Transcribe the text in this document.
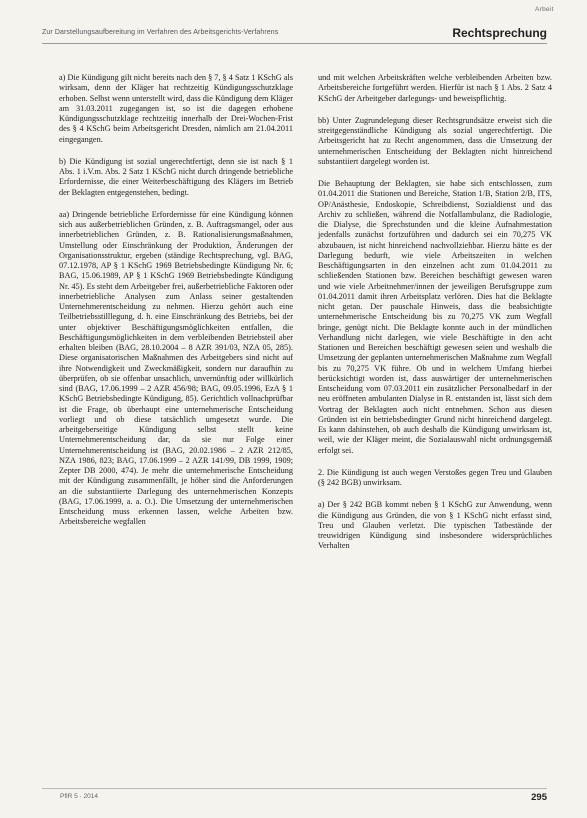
Arbeit
Zur Darstellungsaufbereitung im Verfahren des Arbeitsgerichts-Verfahrens	Rechtsprechung

a) Die Kündigung gilt nicht bereits nach den § 7, § 4 Satz 1 KSchG als wirksam, denn der Kläger hat rechtzeitig Kündigungsschutzklage erhoben. Selbst wenn unterstellt wird, dass die Kündigung dem Kläger am 31.03.2011 zugegangen ist, so ist die dagegen erhobene Kündigungsschutzklage rechtzeitig innerhalb der Drei-Wochen-Frist des § 4 KSchG beim Arbeitsgericht Dresden, nämlich am 21.04.2011 eingegangen.

b) Die Kündigung ist sozial ungerechtfertigt, denn sie ist nach § 1 Abs. 1 i.V.m. Abs. 2 Satz 1 KSchG nicht durch dringende betriebliche Erfordernisse, die einer Weiterbeschäftigung des Klägers im Betrieb der Beklagten entgegenstehen, bedingt.

aa) Dringende betriebliche Erfordernisse für eine Kündigung können sich aus außerbetrieblichen Gründen, z. B. Auftragsmangel, oder aus innerbetrieblichen Gründen, z. B. Rationalisierungsmaßnahmen, Umstellung oder Einschränkung der Produktion, Änderungen der Organisationsstruktur, ergeben (ständige Rechtsprechung, vgl. BAG, 07.12.1978, AP § 1 KSchG 1969 Betriebsbedingte Kündigung Nr. 6; BAG, 15.06.1989, AP § 1 KSchG 1969 Betriebsbedingte Kündigung Nr. 45). Es steht dem Arbeitgeber frei, außerbetriebliche Faktoren oder innerbetriebliche Analysen zum Anlass seiner gestaltenden Unternehmerentscheidung zu nehmen. Hierzu gehört auch eine Teilbetriebsstilllegung, d. h. eine Einschränkung des Betriebs, bei der unter objektiver Beschäftigungsmöglichkeiten entfallen, die Beschäftigungsmöglichkeiten in dem verbleibenden Betriebsteil aber erhalten bleiben (BAG, 28.10.2004 – 8 AZR 391/03, NZA 05, 285). Diese organisatorischen Maßnahmen des Arbeitgebers sind nicht auf ihre Notwendigkeit und Zweckmäßigkeit, sondern nur daraufhin zu überprüfen, ob sie offenbar unsachlich, unvernünftig oder willkürlich sind (BAG, 17.06.1999 – 2 AZR 456/98; BAG, 09.05.1996, EzA § 1 KSchG Betriebsbedingte Kündigung, 85). Gerichtlich vollnachprüfbar ist die Frage, ob überhaupt eine unternehmerische Entscheidung vorliegt und ob diese tatsächlich umgesetzt wurde. Die arbeitgeberseitige Kündigung selbst stellt keine Unternehmerentscheidung dar, da sie nur Folge einer Unternehmerentscheidung ist (BAG, 20.02.1986 – 2 AZR 212/85, NZA 1986, 823; BAG, 17.06.1999 – 2 AZR 141/99, DB 1999, 1909; Zepter DB 2000, 474). Je mehr die unternehmerische Entscheidung mit der Kündigung zusammenfällt, je höher sind die Anforderungen an die substantiierte Darlegung des unternehmerischen Konzepts (BAG, 17.06.1999, a. a. O.). Die Umsetzung der unternehmerischen Entscheidung muss erkennen lassen, welche Arbeiten bzw. Arbeitsbereiche wegfallen

und mit welchen Arbeitskräften welche verbleibenden Arbeiten bzw. Arbeitsbereiche fortgeführt werden. Hierfür ist nach § 1 Abs. 2 Satz 4 KSchG der Arbeitgeber darlegungs- und beweispflichtig.

bb) Unter Zugrundelegung dieser Rechtsgrundsätze erweist sich die streitgegenständliche Kündigung als sozial ungerechtfertigt. Die Arbeitsgericht hat zu Recht angenommen, dass die Umsetzung der unternehmerischen Entscheidung der Beklagten nicht hinreichend substantiiert dargelegt worden ist.

Die Behauptung der Beklagten, sie habe sich entschlossen, zum 01.04.2011 die Stationen und Bereiche, Station 1/B, Station 2/B, ITS, OP/Anästhesie, Endoskopie, Schreibdienst, Sozialdienst und das Archiv zu schließen, während die Notfallambulanz, die Radiologie, die Dialyse, die Sprechstunden und die kleine Aufnahmestation jedenfalls zunächst fortzuführen und dadurch sei ein 70,275 VK abzubauen, ist nicht hinreichend nachvollziehbar. Hierzu hätte es der Darlegung bedurft, wie viele Arbeitszeiten in welchen Beschäftigungsarten in den einzelnen acht zum 01.04.2011 zu schließenden Stationen bzw. Bereichen beschäftigt gewesen waren und wie viele Arbeitnehmer/innen der jeweiligen Berufsgruppe zum 01.04.2011 damit ihren Arbeitsplatz verlören. Dies hat die Beklagte nicht getan. Der pauschale Hinweis, dass die beabsichtigte unternehmerische Entscheidung bis zu 70,275 VK zum Wegfall bringe, genügt nicht. Die Beklagte konnte auch in der mündlichen Verhandlung nicht darlegen, wie viele Beschäftigte in den acht Stationen und Bereichen beschäftigt gewesen seien und weshalb die Umsetzung der geplanten unternehmerischen Maßnahme zum Wegfall bis zu 70,275 VK führe. Ob und in welchem Umfang hierbei berücksichtigt worden ist, dass auswärtiger der unternehmerischen Entscheidung vom 07.03.2011 ein zusätzlicher Personalbedarf in der neu eröffneten ambulanten Dialyse in R. entstanden ist, lässt sich dem Vortrag der Beklagten auch nicht entnehmen. Schon aus diesen Gründen ist ein betriebsbedingter Grund nicht hinreichend dargelegt. Es kann dahinstehen, ob auch deshalb die Kündigung unwirksam ist, weil, wie der Kläger meint, die Sozialauswahl nicht ordnungsgemäß erfolgt sei.

2. Die Kündigung ist auch wegen Verstoßes gegen Treu und Glauben (§ 242 BGB) unwirksam.

a) Der § 242 BGB kommt neben § 1 KSchG zur Anwendung, wenn die Kündigung aus Gründen, die von § 1 KSchG nicht erfasst sind, Treu und Glauben verletzt. Die typischen Tatbestände der treuwidrigen Kündigung sind insbesondere widersprüchliches Verhalten

PflR 5 · 2014	295
